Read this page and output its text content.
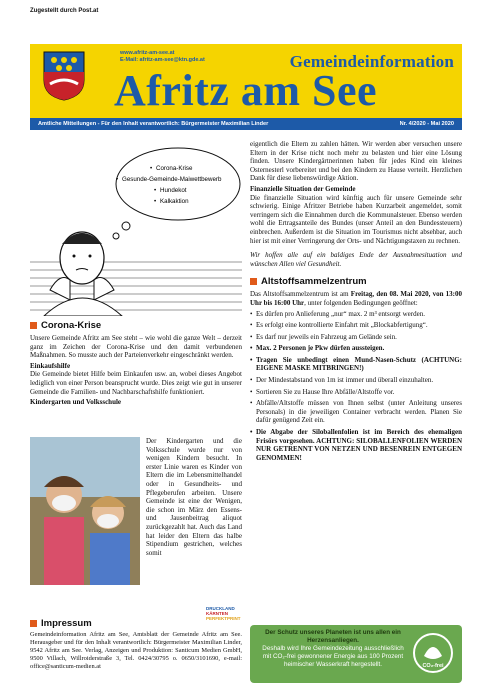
Zugestellt durch Post.at
www.afritz-am-see.at
E-Mail: afritz-am-see@ktn.gde.at	Gemeindeinformation
Afritz am See
Amtliche Mitteilungen - Für den Inhalt verantwortlich: Bürgermeister Maximilian Linder	Nr. 4/2020 - Mai 2020
Corona-Krise
Gesunde-Gemeinde-Maiwettbewerb
Hundekot
Kalkaktion
•
•
•
•
Corona-Krise

Unsere Gemeinde Afritz am See steht – wie wohl die ganze Welt – derzeit ganz im Zeichen der Corona-Krise und den damit verbundenen Maßnahmen. So musste auch der Parteienverkehr eingeschränkt werden.

Einkaufshilfe

Die Gemeinde bietet Hilfe beim Einkaufen usw. an, wobei dieses Angebot lediglich von einer Person beansprucht wurde. Dies zeigt wie gut in unserer Gemeinde die Familien- und Nachbarschaftshilfe funktioniert.

Kindergarten und Volksschule
Der Kindergarten und die Volksschule wurde nur von wenigen Kindern besucht. In erster Linie waren es Kinder von Eltern die im Lebensmittelhandel oder in Gesundheits- und Pflegeberufen arbeiten. Unsere Gemeinde ist eine der Wenigen, die schon im März den Essens- und Jausenbeitrag aliquot zurückgezahlt hat. Auch das Land hat leider den Eltern das halbe Stipendium gestrichen, welches somit
Impressum
DRUCKLAND
KÄRNTEN
PERFEKTPRINT
Gemeindeinformation Afritz am See, Amtsblatt der Gemeinde Afritz am See. Herausgeber und für den Inhalt verantwortlich: Bürgermeister Maximilian Linder, 9542 Afritz am See. Verlag, Anzeigen und Produktion: Santicum Medien GmbH, 9500 Villach, Willroiderstraße 3, Tel. 0424/30795 o. 0650/3101690, e-mail: office@santicum-medien.at

eigentlich die Eltern zu zahlen hätten. Wir werden aber versuchen unsere Eltern in der Krise nicht noch mehr zu belasten und hier eine Lösung finden. Unsere Kindergärtnerinnen haben für jedes Kind ein kleines Osternesterl vorbereitet und bei den Kindern zu Hause verteilt. Herzlichen Dank für diese liebenswürdige Aktion.

Finanzielle Situation der Gemeinde

Die finanzielle Situation wird künftig auch für unsere Gemeinde sehr schwierig. Einige Afritzer Betriebe haben Kurzarbeit angemeldet, somit verringern sich die Einnahmen durch die Kommunalsteuer. Ebenso werden wohl die Ertragsanteile des Bundes (unser Anteil an den Bundessteuern) einbrechen. Außerdem ist die Situation im Tourismus nicht absehbar, auch hier ist mit einer Verringerung der Orts- und Nächtigungstaxen zu rechnen.

Wir hoffen alle auf ein baldiges Ende der Ausnahmesituation und wünschen Allen viel Gesundheit.

Altstoffsammelzentrum

Das Altstoffsammelzentrum ist am Freitag, den 08. Mai 2020, von 13:00 Uhr bis 16:00 Uhr, unter folgenden Bedingungen geöffnet:

• Es dürfen pro Anlieferung „nur“ max. 2 m³ entsorgt werden.
• Es erfolgt eine kontrollierte Einfahrt mit „Blockabfertigung“.
• Es darf nur jeweils ein Fahrzeug am Gelände sein.
• Max. 2 Personen je Pkw dürfen aussteigen.
• Tragen Sie unbedingt einen Mund-Nasen-Schutz (ACHTUNG: EIGENE MASKE MITBRINGEN!)
• Der Mindestabstand von 1m ist immer und überall einzuhalten.
• Sortieren Sie zu Hause Ihre Abfälle/Altstoffe vor.
• Abfälle/Altstoffe müssen von Ihnen selbst (unter Anleitung unseres Personals) in die jeweiligen Container verbracht werden. Planen Sie dafür genügend Zeit ein.
• Die Abgabe der Siloballenfolien ist im Bereich des ehemaligen Frisörs vorgesehen. ACHTUNG: SILOBALLENFOLIEN WERDEN NUR GETRENNT VON NETZEN UND BESENREIN ENTGEGEN GENOMMEN!
Der Schutz unseres Planeten ist uns allen ein Herzensanliegen.
Deshalb wird Ihre Gemeindezeitung ausschließlich mit CO₂-frei gewonnener Energie aus 100 Prozent heimischer Wasserkraft hergestellt.	CO₂-frei
